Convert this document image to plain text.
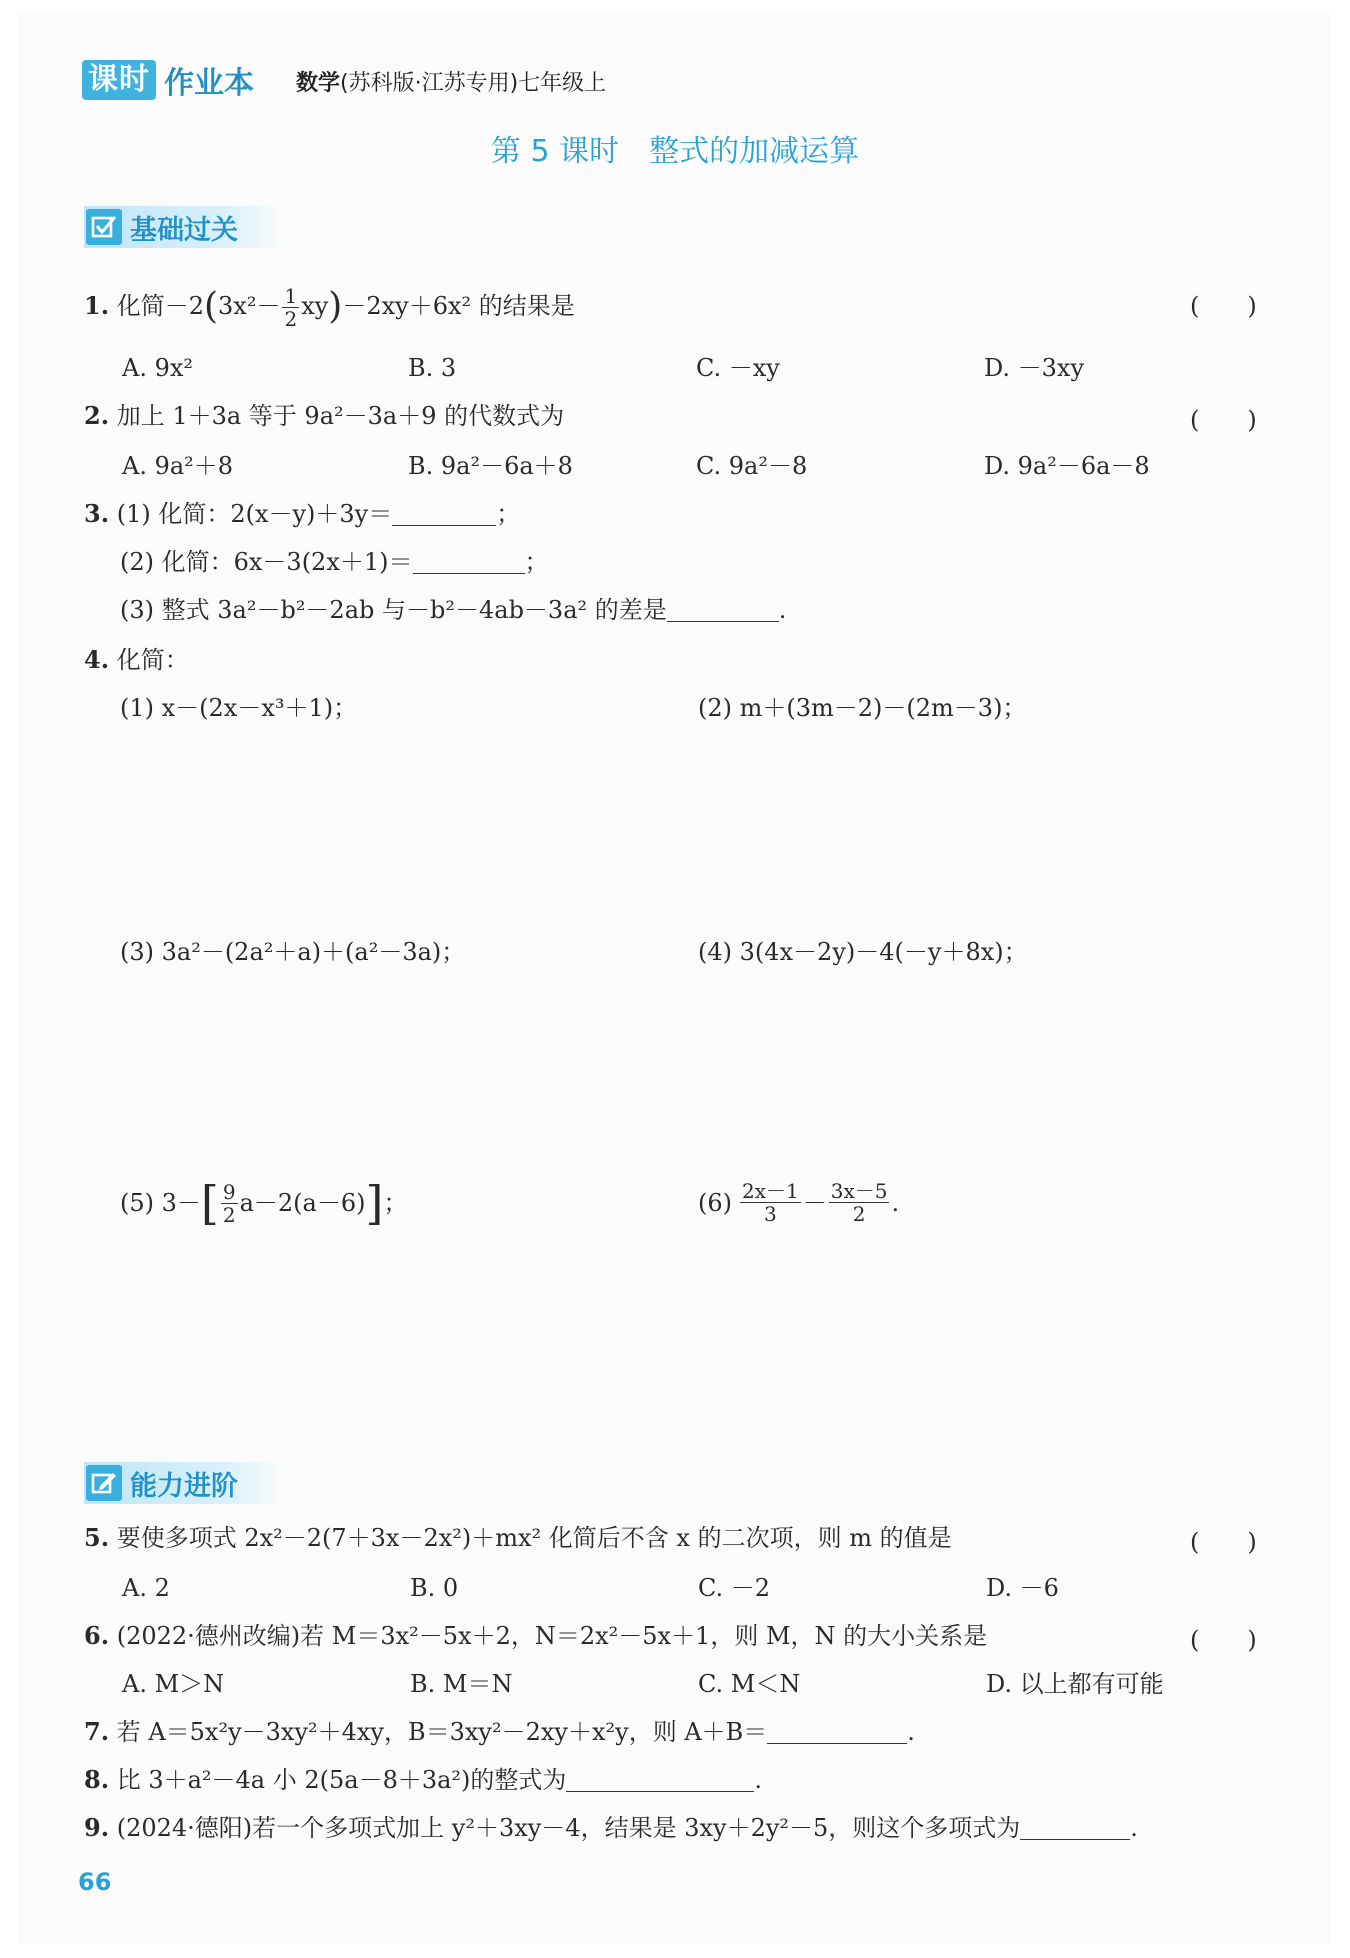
课时 作业本 数学(苏科版·江苏专用)七年级上
第 5 课时　整式的加减运算
基础过关
1. 化简$-2(3x^2- \frac{1}{2} xy)-2xy+6x^2$ 的结果是	(　　)
A. 9x²	B. 3	C. －xy	D. －3xy
2. 加上 1＋3a 等于 9a²－3a＋9 的代数式为	(　　)
A. 9a²＋8	B. 9a²－6a＋8	C. 9a²－8	D. 9a²－6a－8
3. (1) 化简：2(x－y)＋3y＝	；
(2) 化简：6x－3(2x＋1)＝	；
(3) 整式 3a²－b²－2ab 与－b²－4ab－3a² 的差是	.
4. 化简：
(1) x－(2x－x³＋1)；	(2) m＋(3m－2)－(2m－3)；
(3) 3a²－(2a²＋a)＋(a²－3a)；	(4) 3(4x－2y)－4(－y＋8x)；
(5) 3－ [ $\frac{9}{2} a-2(a-6)$ ] ；	$(6) \frac{2x-1}{3} - \frac{3x-5}{2}$ .
能力进阶
5. 要使多项式 2x²－2(7＋3x－2x²)＋mx² 化简后不含 x 的二次项，则 m 的值是	(　　)
A. 2	B. 0	C. －2	D. －6
6. (2022·德州改编)若 M＝3x²－5x＋2，N＝2x²－5x＋1，则 M，N 的大小关系是	(　　)
A. M＞N	B. M＝N	C. M＜N	D. 以上都有可能
7. 若 A＝5x²y－3xy²＋4xy，B＝3xy²－2xy＋x²y，则 A＋B＝	.
8. 比 3＋a²－4a 小 2(5a－8＋3a²)的整式为	.
9. (2024·德阳)若一个多项式加上 y²＋3xy－4，结果是 3xy＋2y²－5，则这个多项式为	.
66
